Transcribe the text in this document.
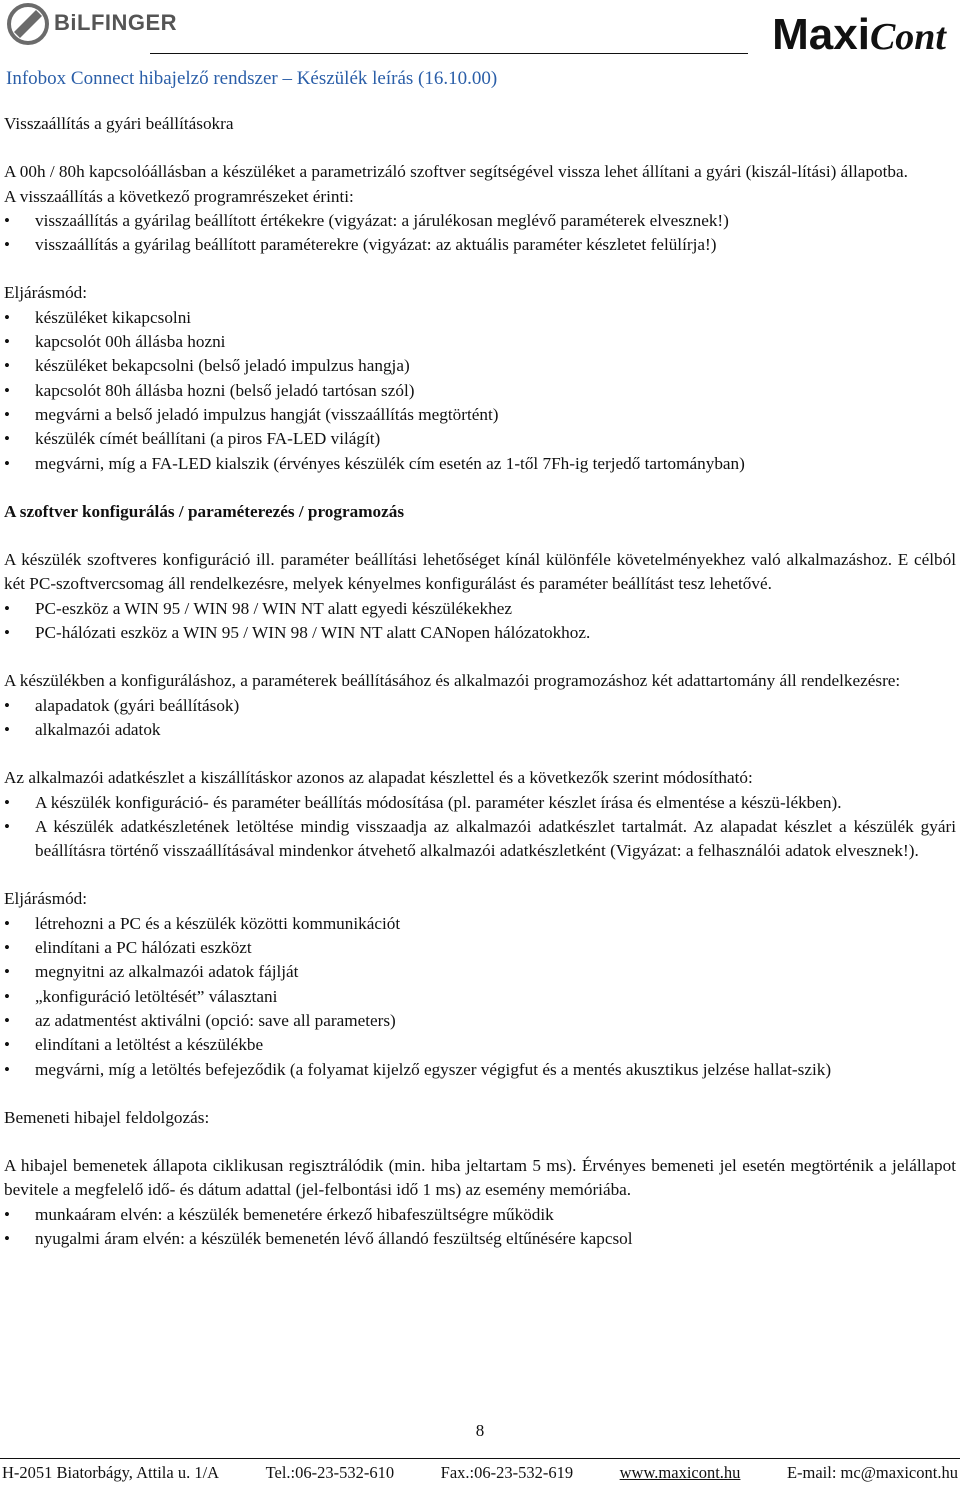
BiLFINGER	MaxiCont
Infobox Connect hibajelző rendszer – Készülék leírás (16.10.00)

Visszaállítás a gyári beállításokra

A 00h / 80h kapcsolóállásban a készüléket a parametrizáló szoftver segítségével vissza lehet állítani a gyári (kiszál-lítási) állapotba.

A visszaállítás a következő programrészeket érinti:

• visszaállítás a gyárilag beállított értékekre (vigyázat: a járulékosan meglévő paraméterek elvesznek!)
• visszaállítás a gyárilag beállított paraméterekre (vigyázat: az aktuális paraméter készletet felülírja!)

Eljárásmód:

• készüléket kikapcsolni
• kapcsolót 00h állásba hozni
• készüléket bekapcsolni (belső jeladó impulzus hangja)
• kapcsolót 80h állásba hozni (belső jeladó tartósan szól)
• megvárni a belső jeladó impulzus hangját (visszaállítás megtörtént)
• készülék címét beállítani (a piros FA-LED világít)
• megvárni, míg a FA-LED kialszik (érvényes készülék cím esetén az 1-től 7Fh-ig terjedő tartományban)

A szoftver konfigurálás / paraméterezés / programozás

A készülék szoftveres konfiguráció ill. paraméter beállítási lehetőséget kínál különféle követelményekhez való alkalmazáshoz. E célból két PC-szoftvercsomag áll rendelkezésre, melyek kényelmes konfigurálást és paraméter beállítást tesz lehetővé.

• PC-eszköz a WIN 95 / WIN 98 / WIN NT alatt egyedi készülékekhez
• PC-hálózati eszköz a WIN 95 / WIN 98 / WIN NT alatt CANopen hálózatokhoz.

A készülékben a konfiguráláshoz, a paraméterek beállításához és alkalmazói programozáshoz két adattartomány áll rendelkezésre:

• alapadatok (gyári beállítások)
• alkalmazói adatok

Az alkalmazói adatkészlet a kiszállításkor azonos az alapadat készlettel és a következők szerint módosítható:

• A készülék konfiguráció- és paraméter beállítás módosítása (pl. paraméter készlet írása és elmentése a készü-lékben).
• A készülék adatkészletének letöltése mindig visszaadja az alkalmazói adatkészlet tartalmát. Az alapadat készlet a készülék gyári beállításra történő visszaállításával mindenkor átvehető alkalmazói adatkészletként (Vigyázat: a felhasználói adatok elvesznek!).

Eljárásmód:

• létrehozni a PC és a készülék közötti kommunikációt
• elindítani a PC hálózati eszközt
• megnyitni az alkalmazói adatok fájlját
• „konfiguráció letöltését” választani
• az adatmentést aktiválni (opció: save all parameters)
• elindítani a letöltést a készülékbe
• megvárni, míg a letöltés befejeződik (a folyamat kijelző egyszer végigfut és a mentés akusztikus jelzése hallat-szik)

Bemeneti hibajel feldolgozás:

A hibajel bemenetek állapota ciklikusan regisztrálódik (min. hiba jeltartam 5 ms). Érvényes bemeneti jel esetén megtörténik a jelállapot bevitele a megfelelő idő- és dátum adattal (jel-felbontási idő 1 ms) az esemény memóriába.

• munkaáram elvén: a készülék bemenetére érkező hibafeszültségre működik
• nyugalmi áram elvén: a készülék bemenetén lévő állandó feszültség eltűnésére kapcsol
8
H-2051 Biatorbágy, Attila u. 1/A	Tel.:06-23-532-610	Fax.:06-23-532-619	www.maxicont.hu	E-mail: mc@maxicont.hu
